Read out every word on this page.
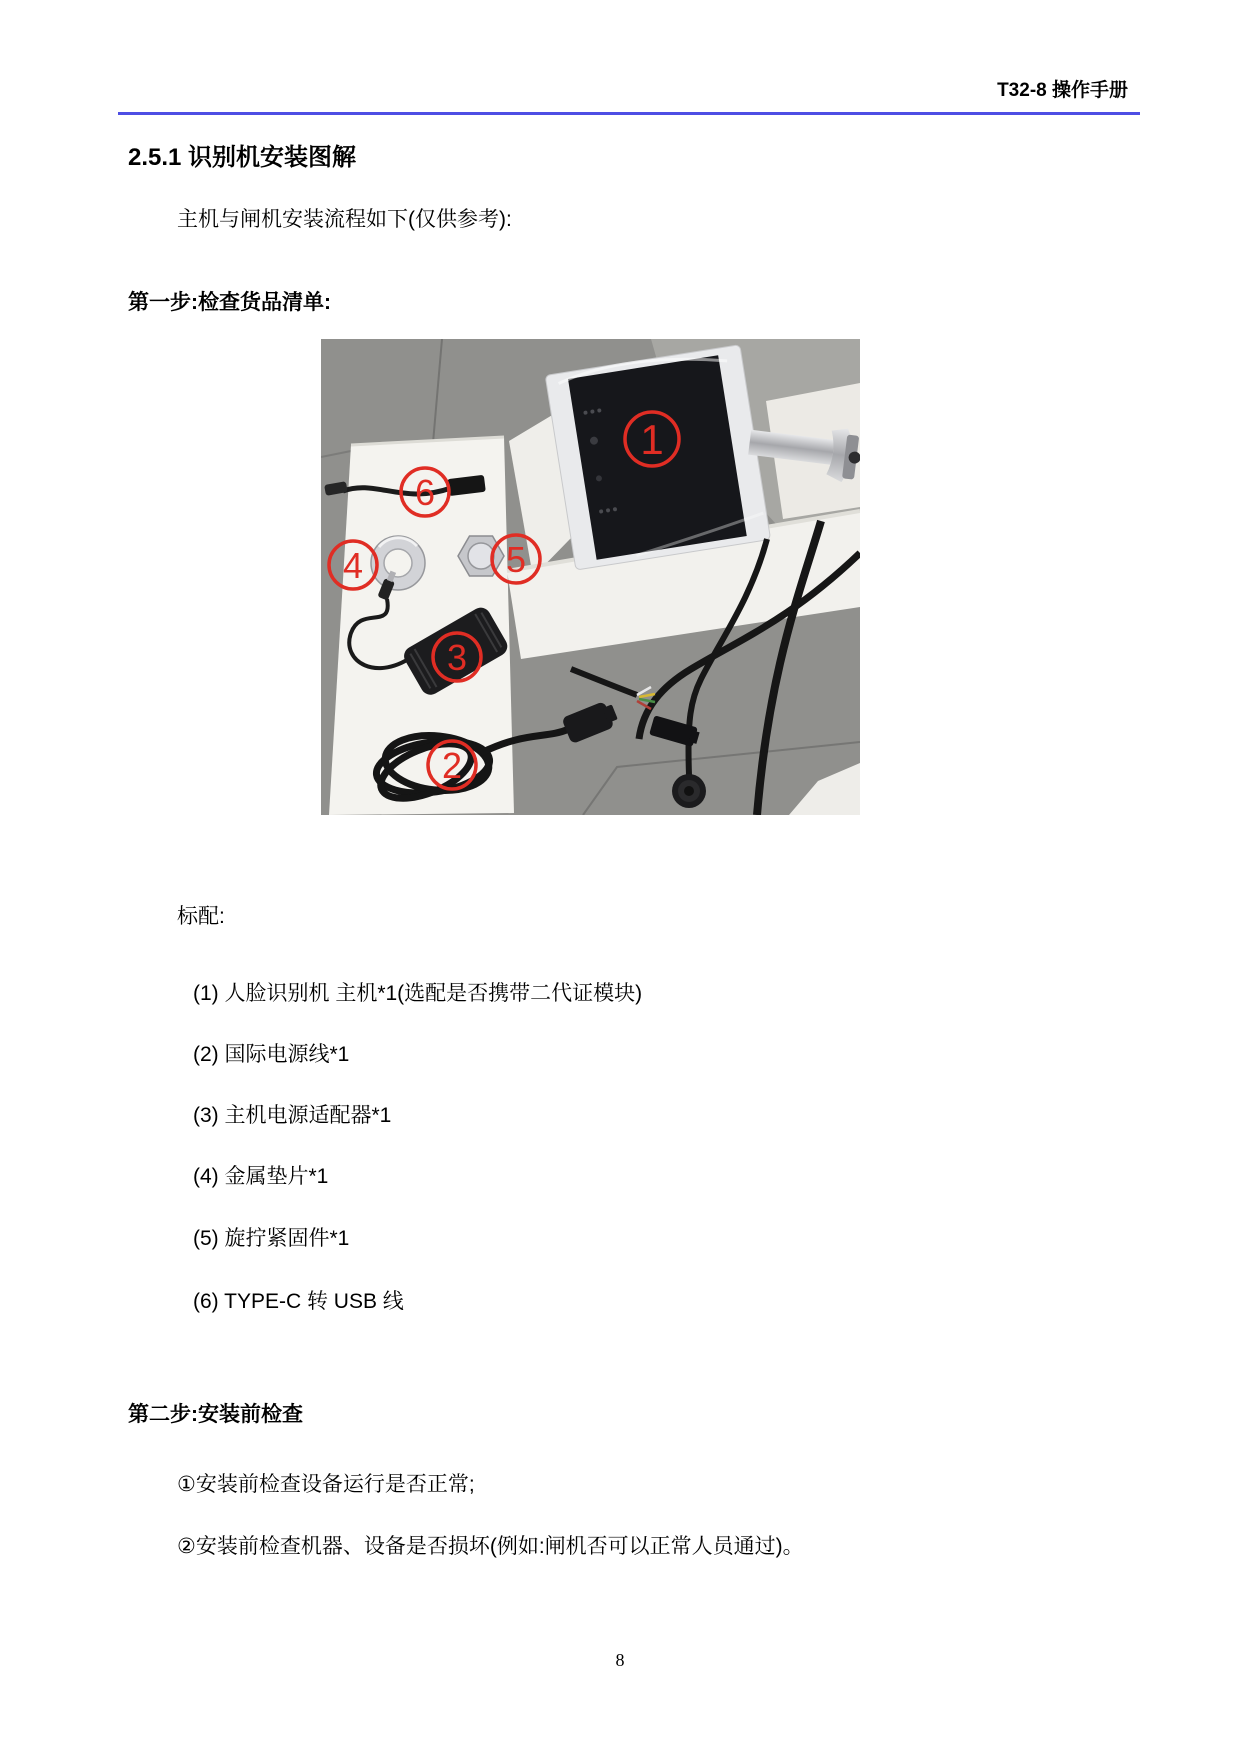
T32-8 操作手册
2.5.1 识别机安装图解

主机与闸机安装流程如下(仅供参考):

第一步:检查货品清单:

1
2
3
4	5
6

标配:

(1) 人脸识别机 主机*1(选配是否携带二代证模块)

(2) 国际电源线*1

(3) 主机电源适配器*1

(4) 金属垫片*1

(5) 旋拧紧固件*1

(6) TYPE-C 转 USB 线

第二步:安装前检查

①安装前检查设备运行是否正常;

②安装前检查机器、设备是否损坏(例如:闸机否可以正常人员通过)。

8
